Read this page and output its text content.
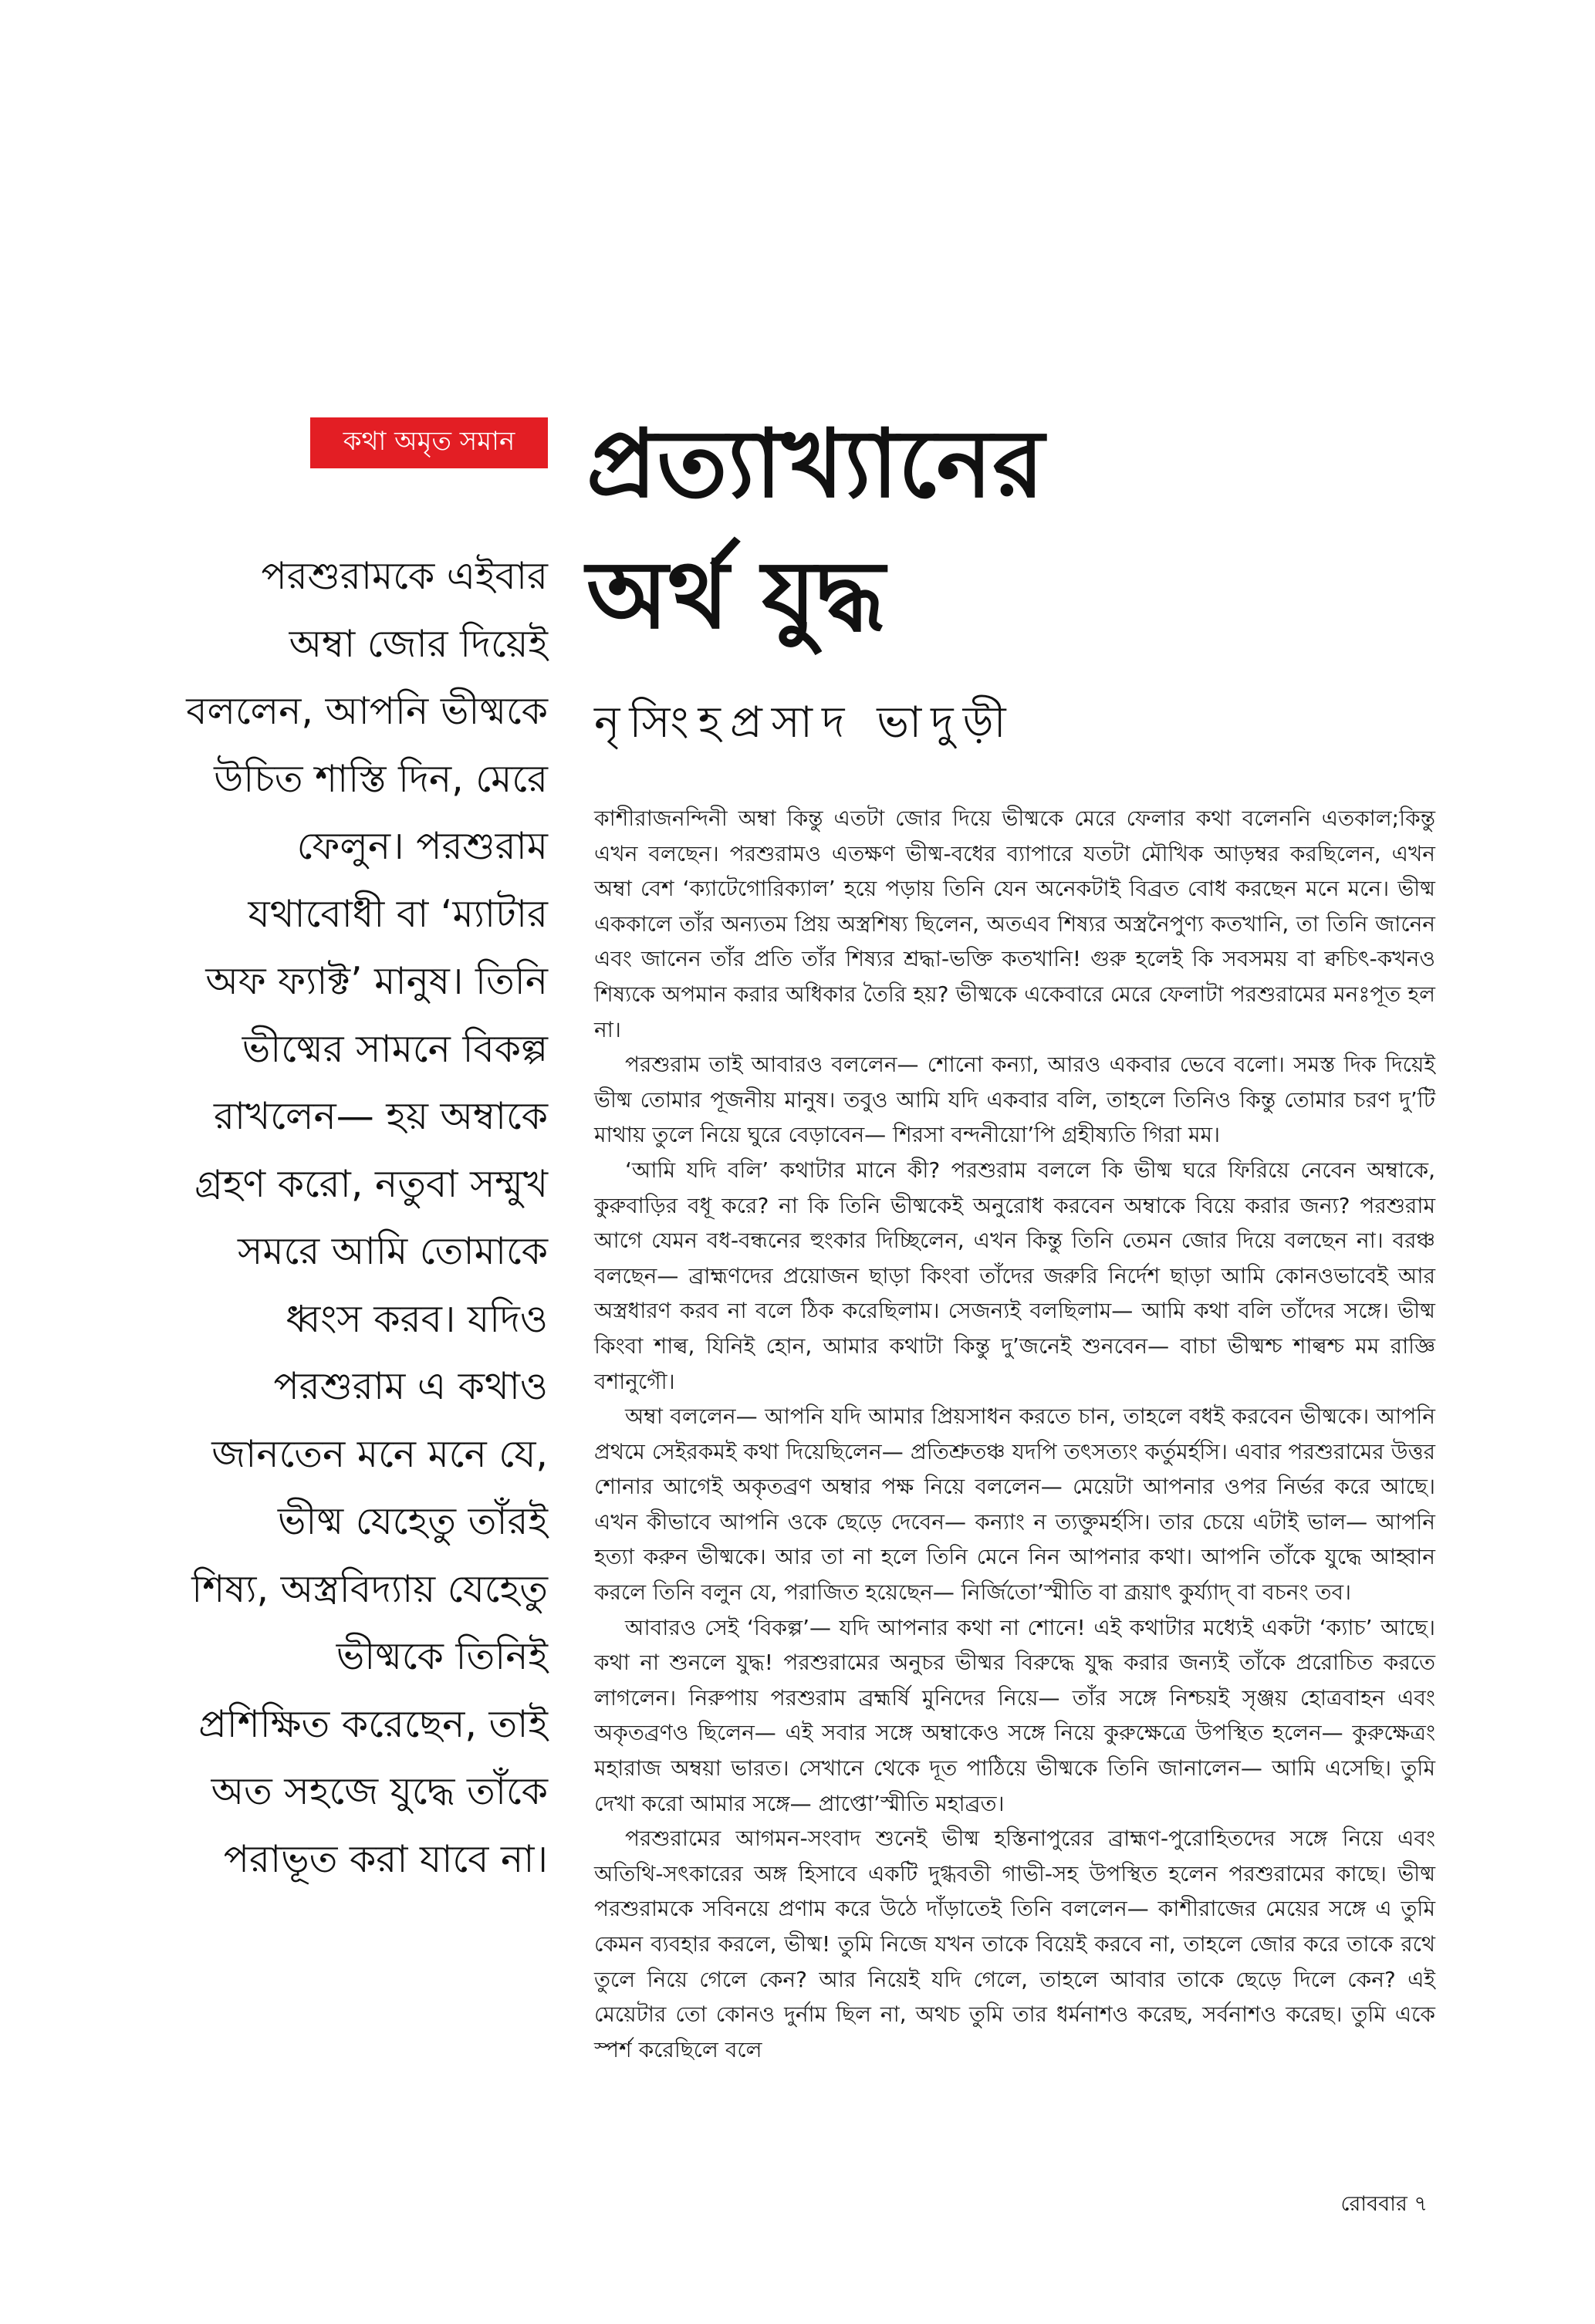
কথা অমৃত সমান প্রত্যাখ্যানের
অর্থ যুদ্ধ
নৃসিংহপ্রসাদ ভাদুড়ী
পরশুরামকে এইবার
অম্বা জোর দিয়েই
বললেন, আপনি ভীষ্মকে
উচিত শাস্তি দিন, মেরে
ফেলুন। পরশুরাম
যথাবোধী বা ‘ম্যাটার
অফ ফ্যাক্ট’ মানুষ। তিনি
ভীষ্মের সামনে বিকল্প
রাখলেন— হয় অম্বাকে
গ্রহণ করো, নতুবা সম্মুখ
সমরে আমি তোমাকে
ধ্বংস করব। যদিও
পরশুরাম এ কথাও
জানতেন মনে মনে যে,
ভীষ্ম যেহেতু তাঁরই
শিষ্য, অস্ত্রবিদ্যায় যেহেতু
ভীষ্মকে তিনিই
প্রশিক্ষিত করেছেন, তাই
অত সহজে যুদ্ধে তাঁকে
পরাভূত করা যাবে না।

কাশীরাজনন্দিনী অম্বা কিন্তু এতটা জোর দিয়ে ভীষ্মকে মেরে ফেলার কথা বলেননি এতকাল;কিন্তু এখন বলছেন। পরশুরামও এতক্ষণ ভীষ্ম-বধের ব্যাপারে যতটা মৌখিক আড়ম্বর করছিলেন, এখন অম্বা বেশ ‘ক্যাটেগোরিক্যাল’ হয়ে পড়ায় তিনি যেন অনেকটাই বিব্রত বোধ করছেন মনে মনে। ভীষ্ম এককালে তাঁর অন্যতম প্রিয় অস্ত্রশিষ্য ছিলেন, অতএব শিষ্যর অস্ত্রনৈপুণ্য কতখানি, তা তিনি জানেন এবং জানেন তাঁর প্রতি তাঁর শিষ্যর শ্রদ্ধা-ভক্তি কতখানি! গুরু হলেই কি সবসময় বা ক্বচিৎ-কখনও শিষ্যকে অপমান করার অধিকার তৈরি হয়? ভীষ্মকে একেবারে মেরে ফেলাটা পরশুরামের মনঃপূত হল না।

পরশুরাম তাই আবারও বললেন— শোনো কন্যা, আরও একবার ভেবে বলো। সমস্ত দিক দিয়েই ভীষ্ম তোমার পূজনীয় মানুষ। তবুও আমি যদি একবার বলি, তাহলে তিনিও কিন্তু তোমার চরণ দু’টি মাথায় তুলে নিয়ে ঘুরে বেড়াবেন— শিরসা বন্দনীয়ো’পি গ্রহীষ্যতি গিরা মম।

‘আমি যদি বলি’ কথাটার মানে কী? পরশুরাম বললে কি ভীষ্ম ঘরে ফিরিয়ে নেবেন অম্বাকে, কুরুবাড়ির বধূ করে? না কি তিনি ভীষ্মকেই অনুরোধ করবেন অম্বাকে বিয়ে করার জন্য? পরশুরাম আগে যেমন বধ-বন্ধনের হুংকার দিচ্ছিলেন, এখন কিন্তু তিনি তেমন জোর দিয়ে বলছেন না। বরঞ্চ বলছেন— ব্রাহ্মণদের প্রয়োজন ছাড়া কিংবা তাঁদের জরুরি নির্দেশ ছাড়া আমি কোনওভাবেই আর অস্ত্রধারণ করব না বলে ঠিক করেছিলাম। সেজন্যই বলছিলাম— আমি কথা বলি তাঁদের সঙ্গে। ভীষ্ম কিংবা শাল্ব, যিনিই হোন, আমার কথাটা কিন্তু দু’জনেই শুনবেন— বাচা ভীষ্মশ্চ শাল্বশ্চ মম রাজ্ঞি বশানুগৌ।

অম্বা বললেন— আপনি যদি আমার প্রিয়সাধন করতে চান, তাহলে বধই করবেন ভীষ্মকে। আপনি প্রথমে সেইরকমই কথা দিয়েছিলেন— প্রতিশ্রুতঞ্চ যদপি তৎসত্যং কর্তুমর্হসি। এবার পরশুরামের উত্তর শোনার আগেই অকৃতব্রণ অম্বার পক্ষ নিয়ে বললেন— মেয়েটা আপনার ওপর নির্ভর করে আছে। এখন কীভাবে আপনি ওকে ছেড়ে দেবেন— কন্যাং ন ত্যক্তুমর্হসি। তার চেয়ে এটাই ভাল— আপনি হত্যা করুন ভীষ্মকে। আর তা না হলে তিনি মেনে নিন আপনার কথা। আপনি তাঁকে যুদ্ধে আহ্বান করলে তিনি বলুন যে, পরাজিত হয়েছেন— নির্জিতো’স্মীতি বা ব্রূয়াৎ কুর্য্যাদ্ বা বচনং তব।

আবারও সেই ‘বিকল্প’— যদি আপনার কথা না শোনে! এই কথাটার মধ্যেই একটা ‘ক্যাচ’ আছে। কথা না শুনলে যুদ্ধ! পরশুরামের অনুচর ভীষ্মর বিরুদ্ধে যুদ্ধ করার জন্যই তাঁকে প্ররোচিত করতে লাগলেন। নিরুপায় পরশুরাম ব্রহ্মর্ষি মুনিদের নিয়ে— তাঁর সঙ্গে নিশ্চয়ই সৃঞ্জয় হোত্রবাহন এবং অকৃতব্রণও ছিলেন— এই সবার সঙ্গে অম্বাকেও সঙ্গে নিয়ে কুরুক্ষেত্রে উপস্থিত হলেন— কুরুক্ষেত্রং মহারাজ অম্বয়া ভারত। সেখানে থেকে দূত পাঠিয়ে ভীষ্মকে তিনি জানালেন— আমি এসেছি। তুমি দেখা করো আমার সঙ্গে— প্রাপ্তো’স্মীতি মহাব্রত।

পরশুরামের আগমন-সংবাদ শুনেই ভীষ্ম হস্তিনাপুরের ব্রাহ্মণ-পুরোহিতদের সঙ্গে নিয়ে এবং অতিথি-সৎকারের অঙ্গ হিসাবে একটি দুগ্ধবতী গাভী-সহ উপস্থিত হলেন পরশুরামের কাছে। ভীষ্ম পরশুরামকে সবিনয়ে প্রণাম করে উঠে দাঁড়াতেই তিনি বললেন— কাশীরাজের মেয়ের সঙ্গে এ তুমি কেমন ব্যবহার করলে, ভীষ্ম! তুমি নিজে যখন তাকে বিয়েই করবে না, তাহলে জোর করে তাকে রথে তুলে নিয়ে গেলে কেন? আর নিয়েই যদি গেলে, তাহলে আবার তাকে ছেড়ে দিলে কেন? এই মেয়েটার তো কোনও দুর্নাম ছিল না, অথচ তুমি তার ধর্মনাশও করেছ, সর্বনাশও করেছ। তুমি একে স্পর্শ করেছিলে বলে

রোববার ৭
